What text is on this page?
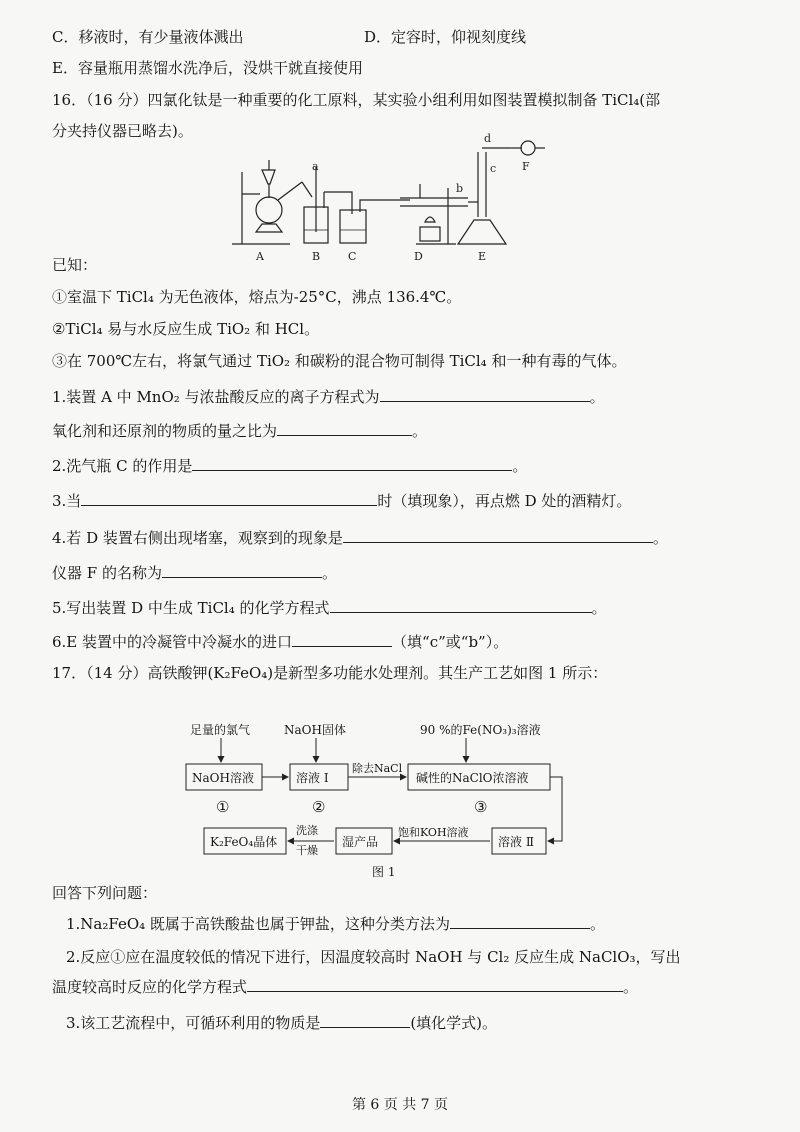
C．移液时，有少量液体溅出	D．定容时，仰视刻度线
E．容量瓶用蒸馏水洗净后，没烘干就直接使用
16．（16 分）四氯化钛是一种重要的化工原料，某实验小组利用如图装置模拟制备 TiCl₄(部
分夹持仪器已略去)。
A	B	C	D	E
F
a
b
c
d
已知：
①室温下 TiCl₄ 为无色液体，熔点为-25°C，沸点 136.4℃。
②TiCl₄ 易与水反应生成 TiO₂ 和 HCl。
③在 700℃左右，将氯气通过 TiO₂ 和碳粉的混合物可制得 TiCl₄ 和一种有毒的气体。
1.装置 A 中 MnO₂ 与浓盐酸反应的离子方程式为	。
氧化剂和还原剂的物质的量之比为	。
2.洗气瓶 C 的作用是	。
3.当	时（填现象），再点燃 D 处的酒精灯。
4.若 D 装置右侧出现堵塞，观察到的现象是	。
仪器 F 的名称为	。
5.写出装置 D 中生成 TiCl₄ 的化学方程式	。
6.E 装置中的冷凝管中冷凝水的进口	（填“c”或“b”）。
17．（14 分）高铁酸钾(K₂FeO₄)是新型多功能水处理剂。其生产工艺如图 1 所示：
足量的氯气	NaOH固体	90 %的Fe(NO₃)₃溶液
NaOH溶液	溶液 Ⅰ
除去NaCl
碱性的NaClO浓溶液
①	②	③
溶液 Ⅱ
饱和KOH溶液
湿产品
洗涤
干燥
K₂FeO₄晶体
图 1
回答下列问题：
1.Na₂FeO₄ 既属于高铁酸盐也属于钾盐，这种分类方法为	。
2.反应①应在温度较低的情况下进行，因温度较高时 NaOH 与 Cl₂ 反应生成 NaClO₃，写出
温度较高时反应的化学方程式	。
3.该工艺流程中，可循环利用的物质是	(填化学式)。
第 6 页 共 7 页
